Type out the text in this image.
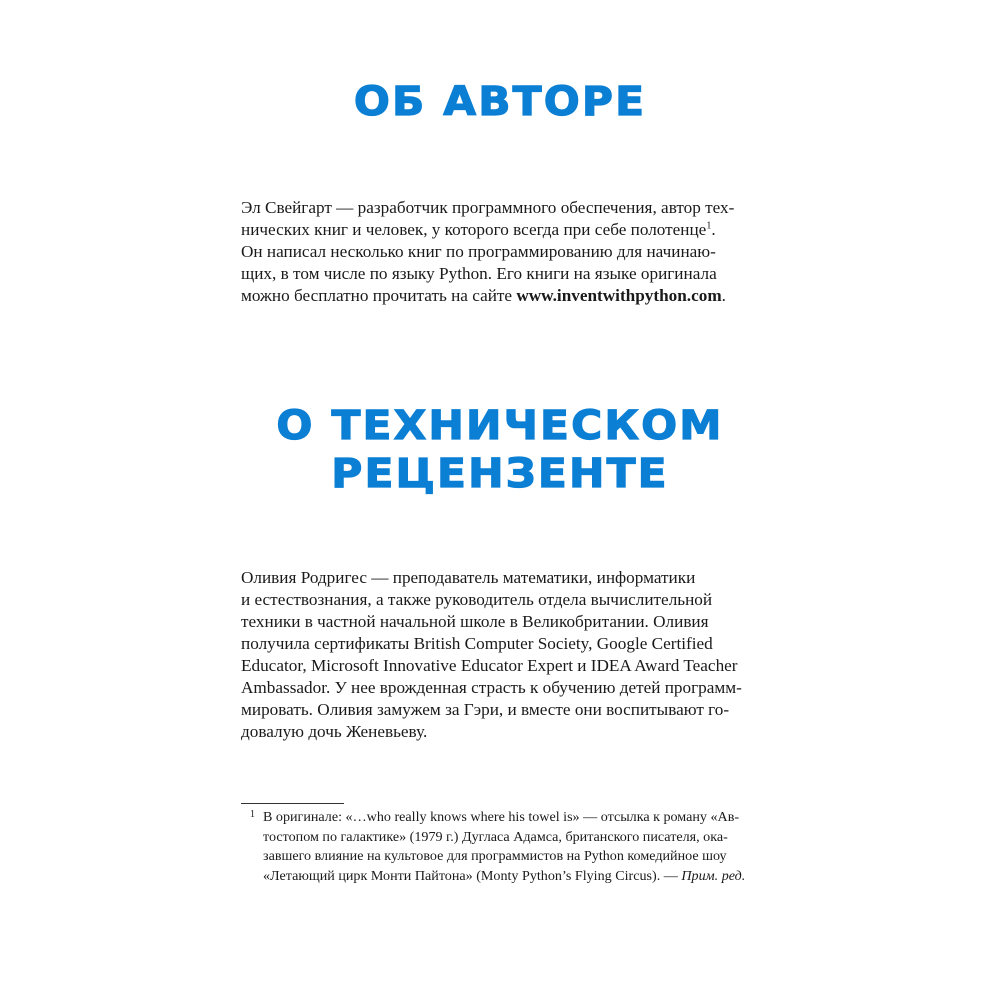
ОБ АВТОРЕ

Эл Свейгарт — разработчик программного обеспечения, автор тех-
нических книг и человек, у которого всегда при себе полотенце$^1$.
Он написал несколько книг по программированию для начинаю-
щих, в том числе по языку Python. Его книги на языке оригинала
можно бесплатно прочитать на сайте www.inventwithpython.com.

О ТЕХНИЧЕСКОМ
РЕЦЕНЗЕНТЕ

Оливия Родригес — преподаватель математики, информатики
и естествознания, а также руководитель отдела вычислительной
техники в частной начальной школе в Великобритании. Оливия
получила сертификаты British Computer Society, Google Certified
Educator, Microsoft Innovative Educator Expert и IDEA Award Teacher
Ambassador. У нее врожденная страсть к обучению детей программ-
мировать. Оливия замужем за Гэри, и вместе они воспитывают го-
довалую дочь Женевьеву.

1 В оригинале: «…who really knows where his towel is» — отсылка к роману «Ав-
тостопом по галактике» (1979 г.) Дугласа Адамса, британского писателя, ока-
завшего влияние на культовое для программистов на Python комедийное шоу
«Летающий цирк Монти Пайтона» (Monty Python’s Flying Circus). — Прим. ред.
